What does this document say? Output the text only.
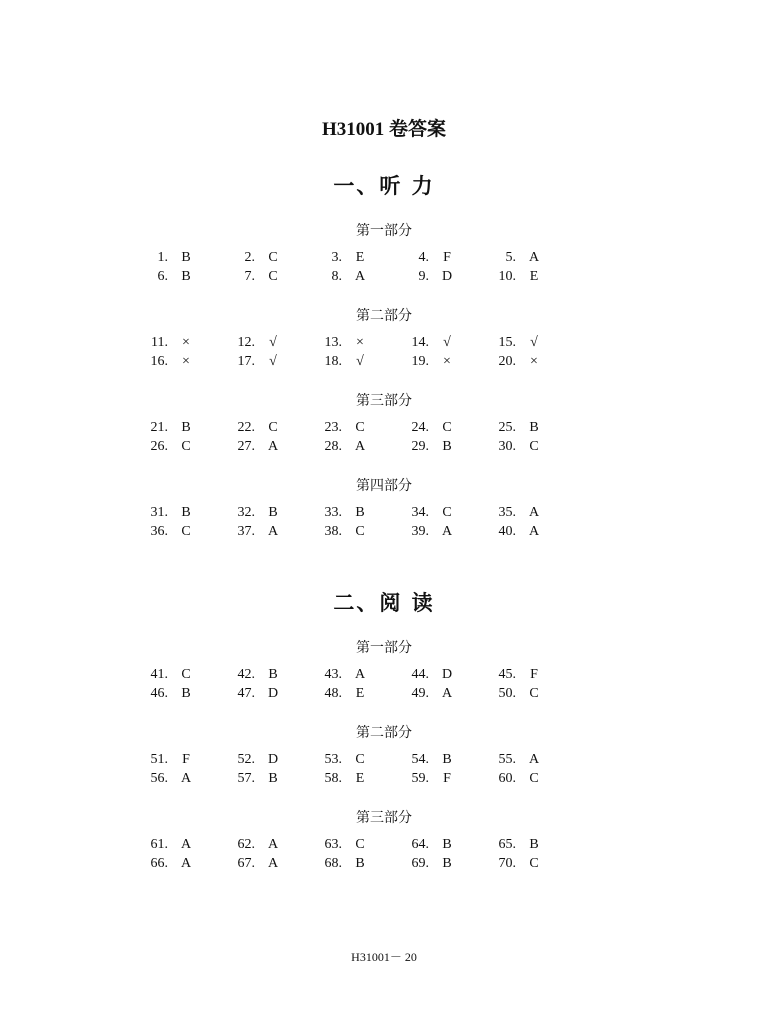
H31001 卷答案
一、听 力
第一部分
1. B	2. C	3. E	4. F	5. A
6. B	7. C	8. A	9. D	10. E
第二部分
11. ×	12. √	13. ×	14. √	15. √
16. ×	17. √	18. √	19. ×	20. ×
第三部分
21. B	22. C	23. C	24. C	25. B
26. C	27. A	28. A	29. B	30. C
第四部分
31. B	32. B	33. B	34. C	35. A
36. C	37. A	38. C	39. A	40. A
二、阅 读
第一部分
41. C	42. B	43. A	44. D	45. F
46. B	47. D	48. E	49. A	50. C
第二部分
51. F	52. D	53. C	54. B	55. A
56. A	57. B	58. E	59. F	60. C
第三部分
61. A	62. A	63. C	64. B	65. B
66. A	67. A	68. B	69. B	70. C
H31001－ 20
